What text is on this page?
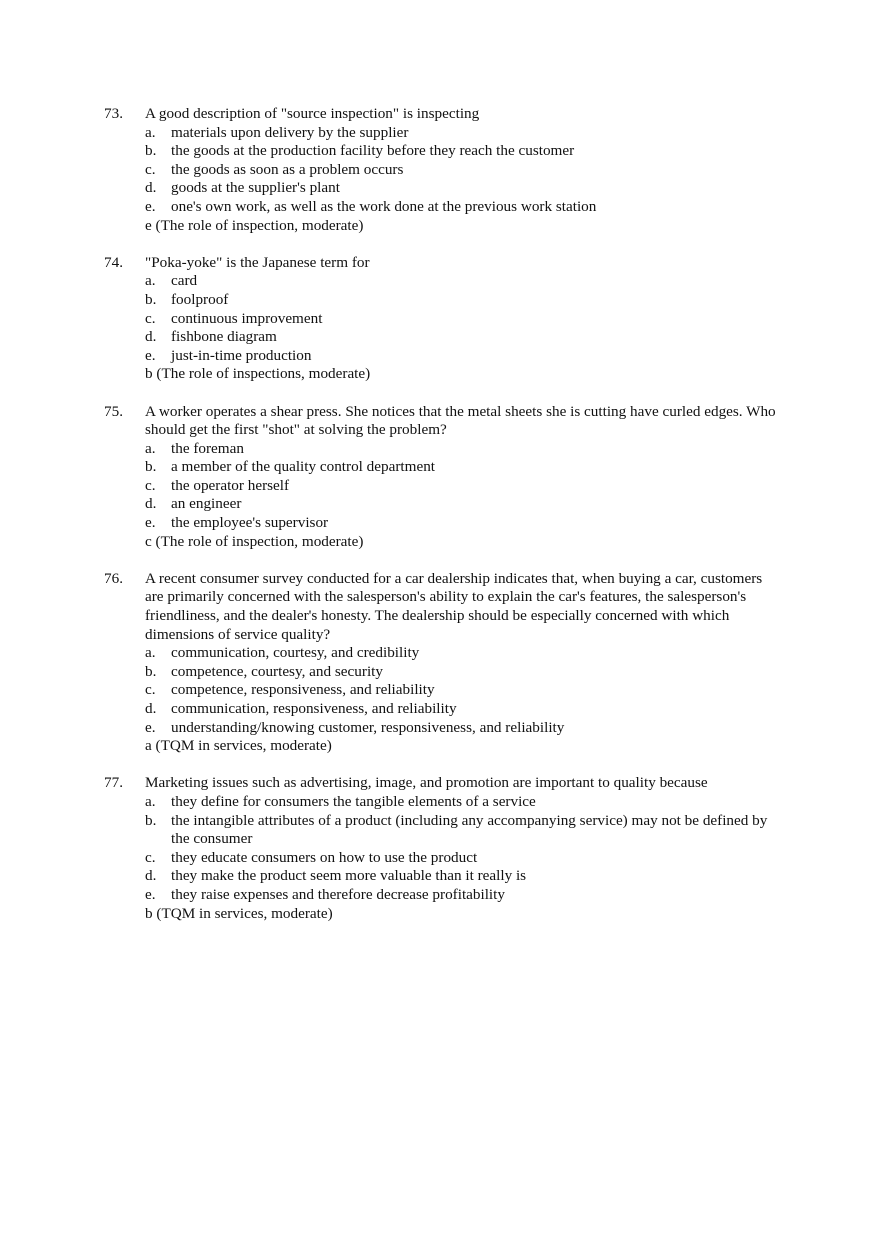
73. A good description of "source inspection" is inspecting
a. materials upon delivery by the supplier
b. the goods at the production facility before they reach the customer
c. the goods as soon as a problem occurs
d. goods at the supplier's plant
e. one's own work, as well as the work done at the previous work station
e (The role of inspection, moderate)
74. "Poka-yoke" is the Japanese term for
a. card
b. foolproof
c. continuous improvement
d. fishbone diagram
e. just-in-time production
b (The role of inspections, moderate)
75. A worker operates a shear press. She notices that the metal sheets she is cutting have curled edges. Who should get the first "shot" at solving the problem?
a. the foreman
b. a member of the quality control department
c. the operator herself
d. an engineer
e. the employee's supervisor
c (The role of inspection, moderate)
76. A recent consumer survey conducted for a car dealership indicates that, when buying a car, customers are primarily concerned with the salesperson's ability to explain the car's features, the salesperson's friendliness, and the dealer's honesty. The dealership should be especially concerned with which dimensions of service quality?
a. communication, courtesy, and credibility
b. competence, courtesy, and security
c. competence, responsiveness, and reliability
d. communication, responsiveness, and reliability
e. understanding/knowing customer, responsiveness, and reliability
a (TQM in services, moderate)
77. Marketing issues such as advertising, image, and promotion are important to quality because
a. they define for consumers the tangible elements of a service
b. the intangible attributes of a product (including any accompanying service) may not be defined by the consumer
c. they educate consumers on how to use the product
d. they make the product seem more valuable than it really is
e. they raise expenses and therefore decrease profitability
b (TQM in services, moderate)
